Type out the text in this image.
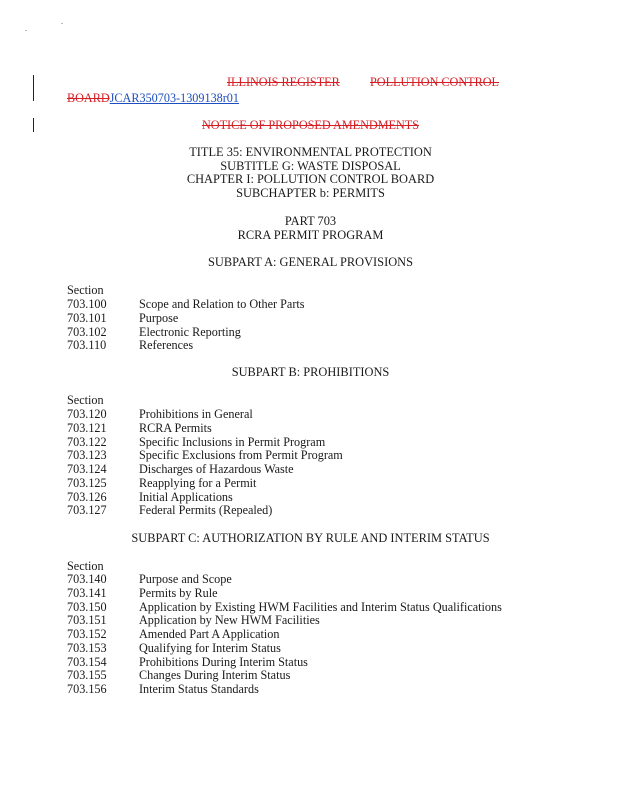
ILLINOIS REGISTER POLLUTION CONTROL
BOARDJCAR350703-1309138r01
NOTICE OF PROPOSED AMENDMENTS
TITLE 35: ENVIRONMENTAL PROTECTION
SUBTITLE G: WASTE DISPOSAL
CHAPTER I: POLLUTION CONTROL BOARD
SUBCHAPTER b: PERMITS
PART 703
RCRA PERMIT PROGRAM
SUBPART A: GENERAL PROVISIONS
Section
703.100	Scope and Relation to Other Parts
703.101	Purpose
703.102	Electronic Reporting
703.110	References
SUBPART B: PROHIBITIONS
Section
703.120	Prohibitions in General
703.121	RCRA Permits
703.122	Specific Inclusions in Permit Program
703.123	Specific Exclusions from Permit Program
703.124	Discharges of Hazardous Waste
703.125	Reapplying for a Permit
703.126	Initial Applications
703.127	Federal Permits (Repealed)
SUBPART C: AUTHORIZATION BY RULE AND INTERIM STATUS
Section
703.140	Purpose and Scope
703.141	Permits by Rule
703.150	Application by Existing HWM Facilities and Interim Status Qualifications
703.151	Application by New HWM Facilities
703.152	Amended Part A Application
703.153	Qualifying for Interim Status
703.154	Prohibitions During Interim Status
703.155	Changes During Interim Status
703.156	Interim Status Standards
